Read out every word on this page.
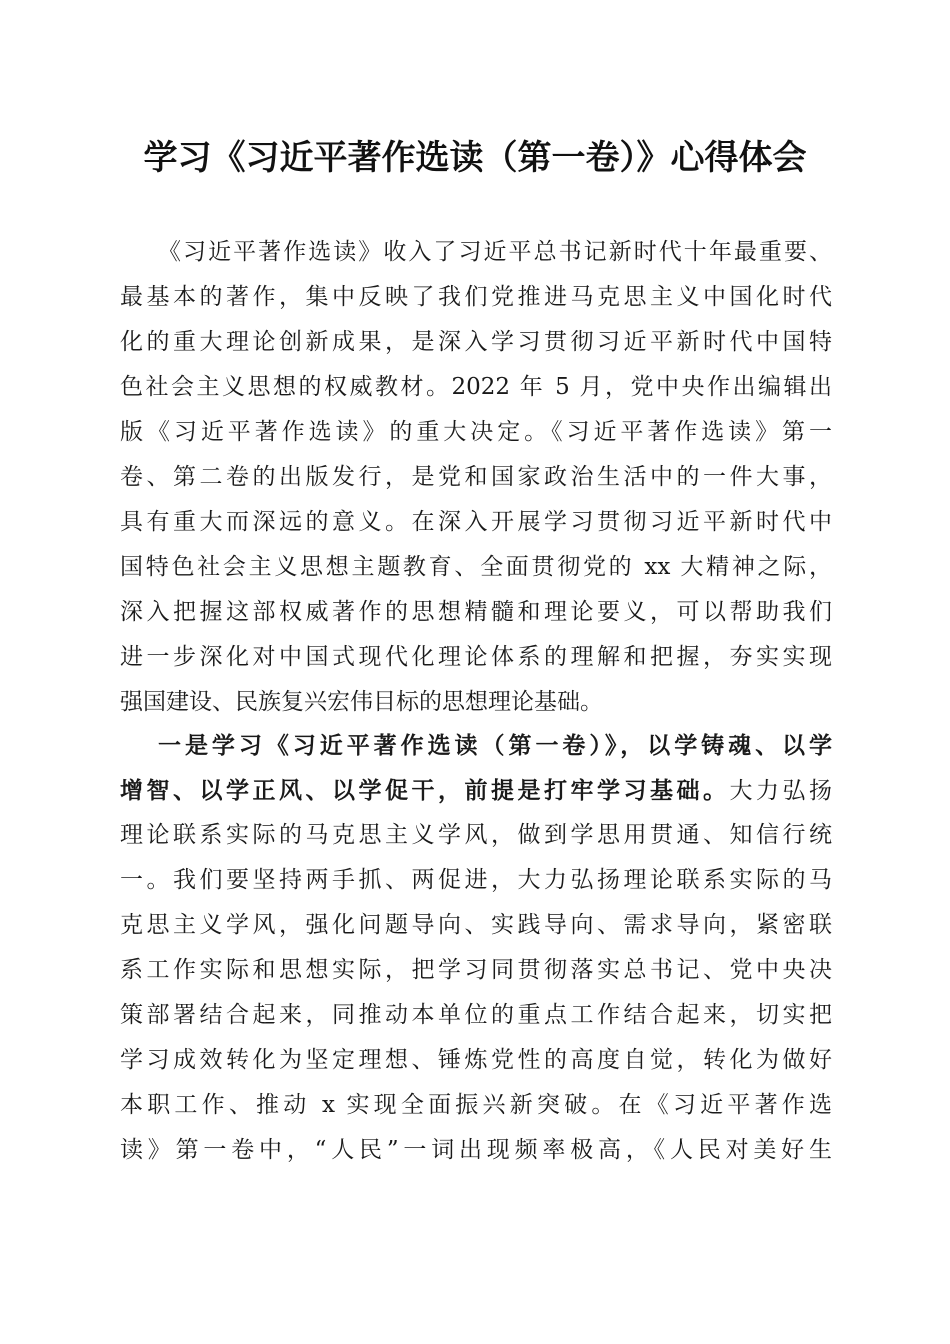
学习《习近平著作选读（第一卷）》心得体会
《习近平著作选读》收入了习近平总书记新时代十年最重要、
最基本的著作，集中反映了我们党推进马克思主义中国化时代
化的重大理论创新成果，是深入学习贯彻习近平新时代中国特
色社会主义思想的权威教材。2022 年 5 月，党中央作出编辑出
版《习近平著作选读》的重大决定。《习近平著作选读》第一
卷、第二卷的出版发行，是党和国家政治生活中的一件大事，
具有重大而深远的意义。在深入开展学习贯彻习近平新时代中
国特色社会主义思想主题教育、全面贯彻党的 xx 大精神之际，
深入把握这部权威著作的思想精髓和理论要义，可以帮助我们
进一步深化对中国式现代化理论体系的理解和把握，夯实实现
强国建设、民族复兴宏伟目标的思想理论基础。
一是学习《习近平著作选读（第一卷）》，以学铸魂、以学
增智、以学正风、以学促干，前提是打牢学习基础。大力弘扬
理论联系实际的马克思主义学风，做到学思用贯通、知信行统
一。我们要坚持两手抓、两促进，大力弘扬理论联系实际的马
克思主义学风，强化问题导向、实践导向、需求导向，紧密联
系工作实际和思想实际，把学习同贯彻落实总书记、党中央决
策部署结合起来，同推动本单位的重点工作结合起来，切实把
学习成效转化为坚定理想、锤炼党性的高度自觉，转化为做好
本职工作、推动 x 实现全面振兴新突破。在《习近平著作选
读》第一卷中，“人民”一词出现频率极高，《人民对美好生
